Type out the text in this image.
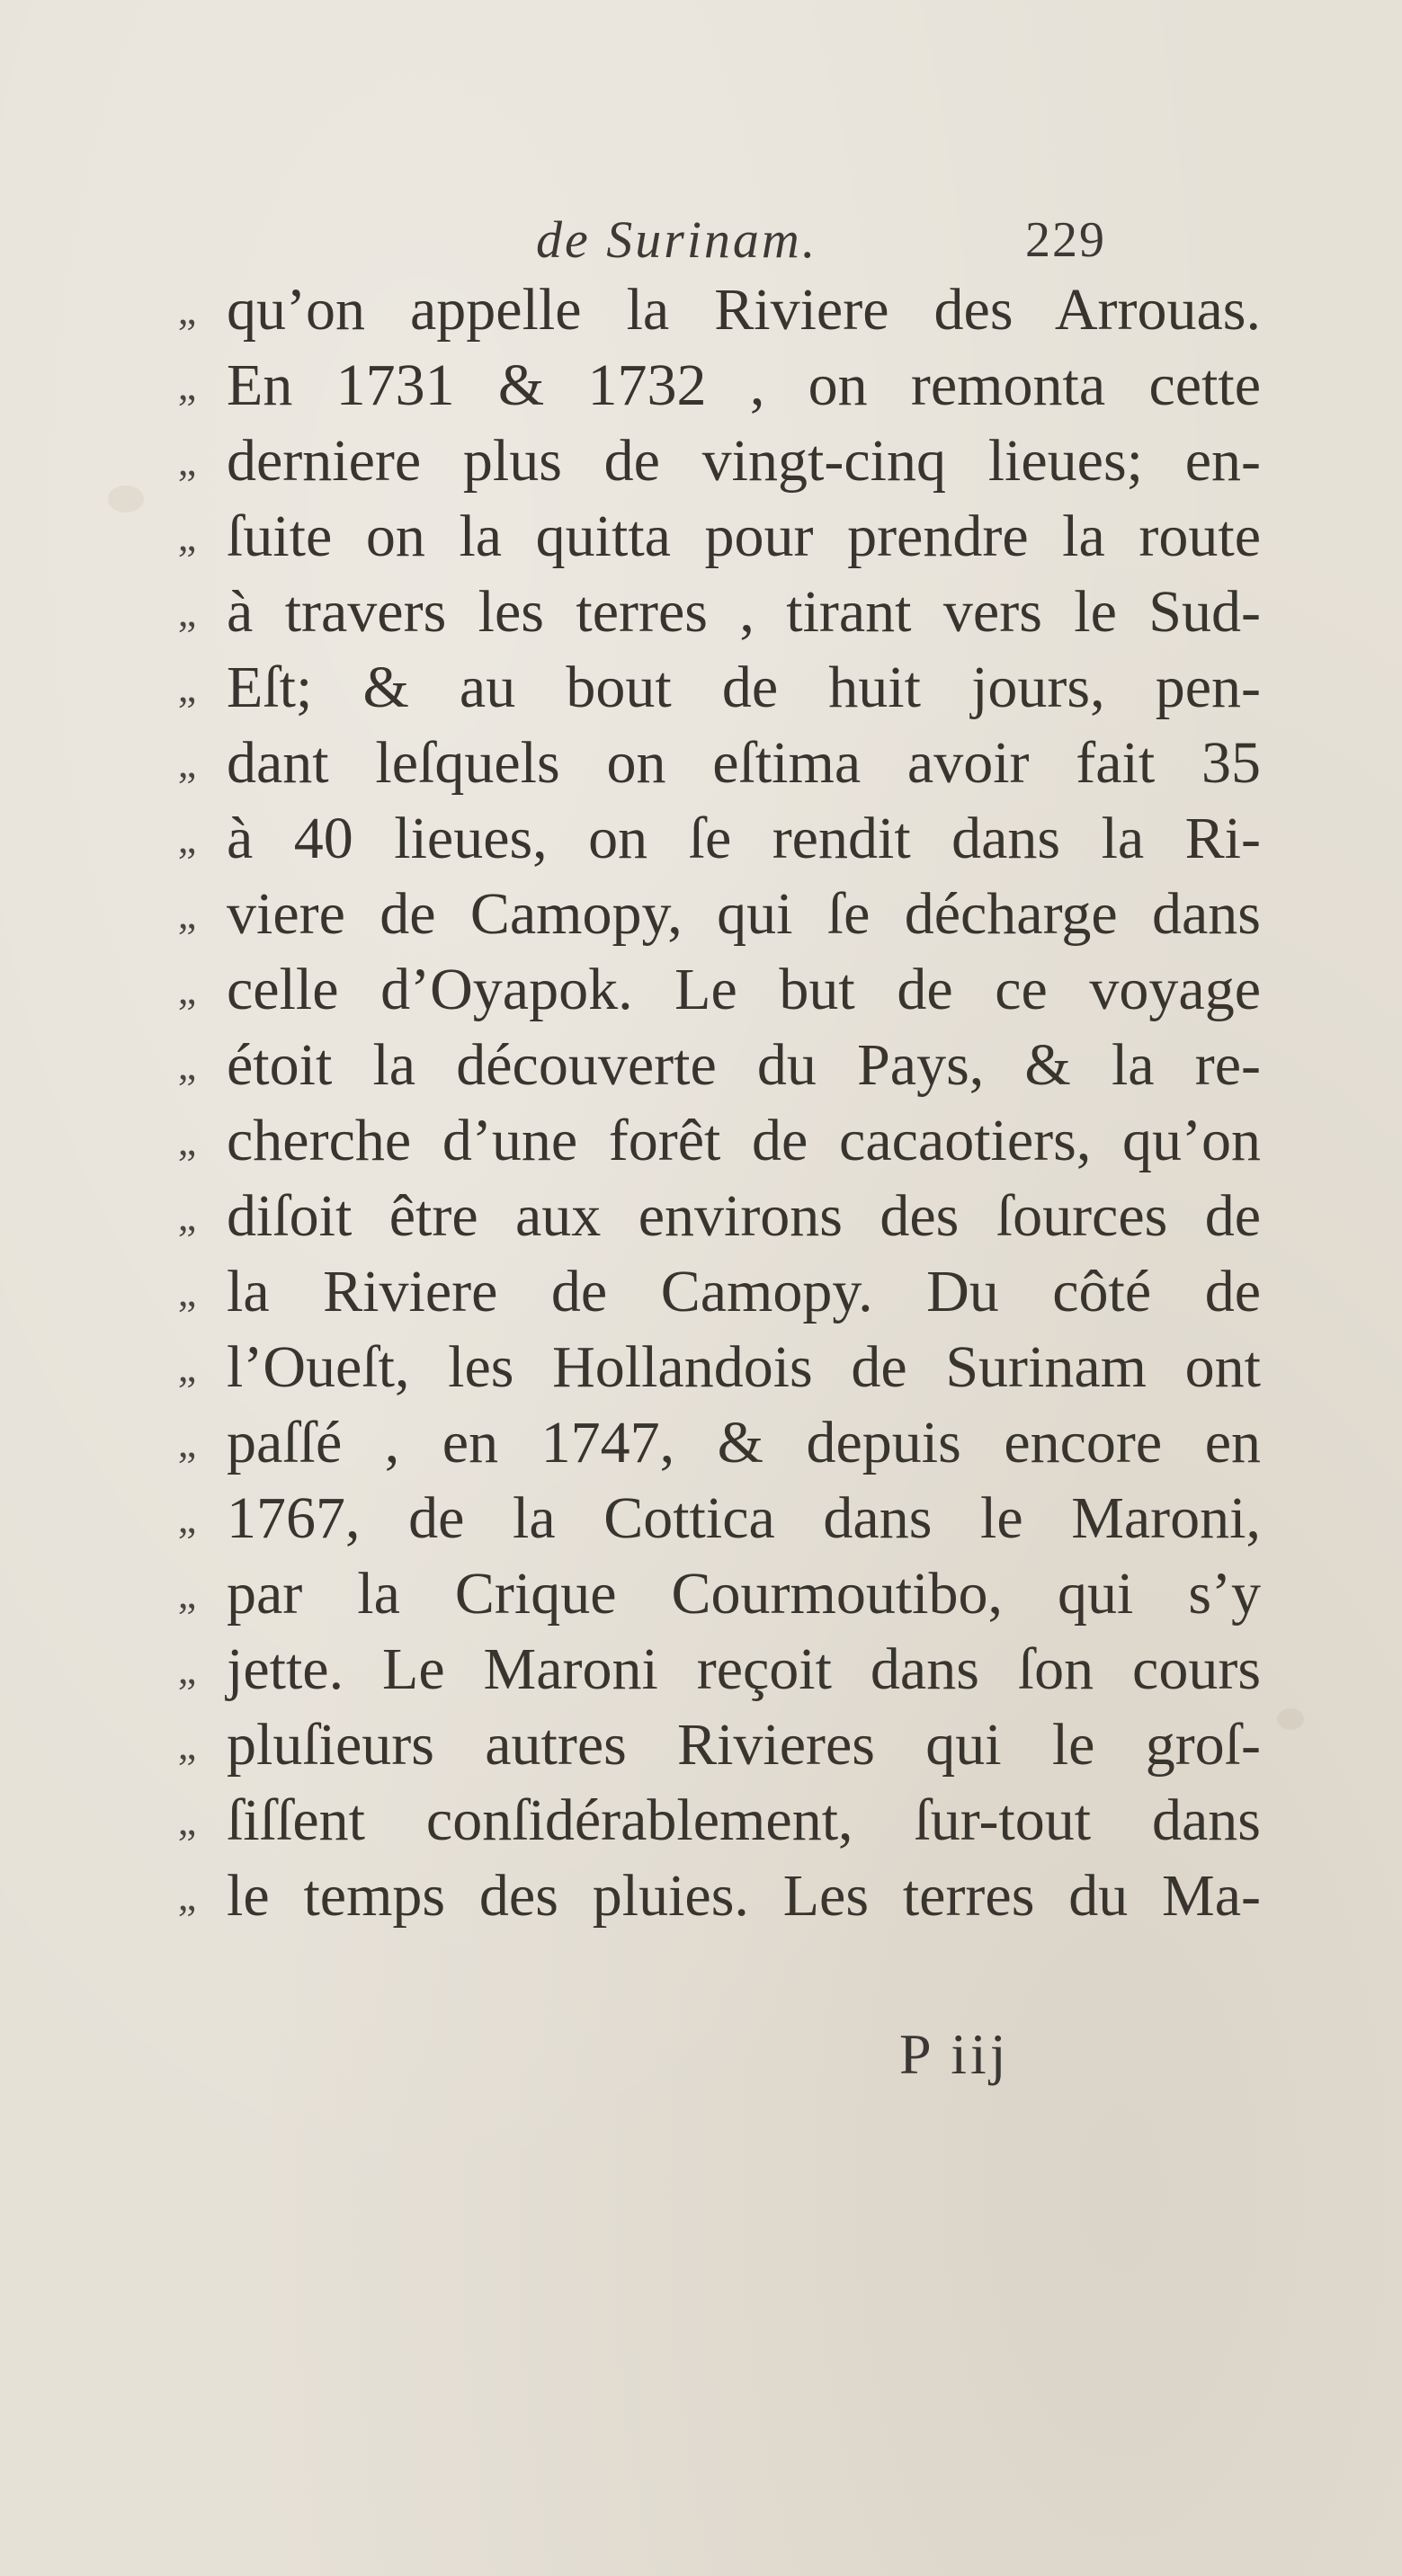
de Surinam.	229
,, qu’on appelle la Riviere des Arrouas.
,, En 1731 & 1732 , on remonta cette
,, derniere plus de vingt-cinq lieues; en-
,, ſuite on la quitta pour prendre la route
,, à travers les terres , tirant vers le Sud-
,, Eſt; & au bout de huit jours, pen-
,, dant leſquels on eſtima avoir fait 35
,, à 40 lieues, on ſe rendit dans la Ri-
,, viere de Camopy, qui ſe décharge dans
,, celle d’Oyapok. Le but de ce voyage
,, étoit la découverte du Pays, & la re-
,, cherche d’une forêt de cacaotiers, qu’on
,, diſoit être aux environs des ſources de
,, la Riviere de Camopy. Du côté de
,, l’Oueſt, les Hollandois de Surinam ont
,, paſſé , en 1747, & depuis encore en
,, 1767, de la Cottica dans le Maroni,
,, par la Crique Courmoutibo, qui s’y
,, jette. Le Maroni reçoit dans ſon cours
,, pluſieurs autres Rivieres qui le groſ-
,, ſiſſent conſidérablement, ſur-tout dans
,, le temps des pluies. Les terres du Ma-
P iij
